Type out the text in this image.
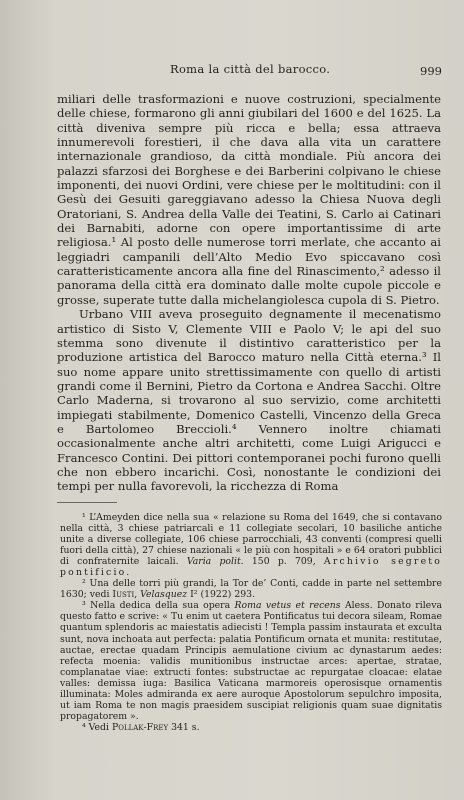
Roma la città del barocco.	999

miliari delle trasformazioni e nuove costruzioni, specialmente delle chiese, formarono gli anni giubilari del 1600 e del 1625. La città diveniva sempre più ricca e bella; essa attraeva innumerevoli forestieri, il che dava alla vita un carattere internazionale grandioso, da città mondiale. Più ancora dei palazzi sfarzosi dei Borghese e dei Barberini colpivano le chiese imponenti, dei nuovi Ordini, vere chiese per le moltitudini: con il Gesù dei Gesuiti gareggiavano adesso la Chiesa Nuova degli Oratoriani, S. Andrea della Valle dei Teatini, S. Carlo ai Catinari dei Barnabiti, adorne con opere importantissime di arte religiosa.¹ Al posto delle numerose torri merlate, che accanto ai leggiadri campanili dell’Alto Medio Evo spiccavano così caratteristicamente ancora alla fine del Rinascimento,² adesso il panorama della città era dominato dalle molte cupole piccole e grosse, superate tutte dalla michelangiolesca cupola di S. Pietro.

Urbano VIII aveva proseguito degnamente il mecenatismo artistico di Sisto V, Clemente VIII e Paolo V; le api del suo stemma sono divenute il distintivo caratteristico per la produzione artistica del Barocco maturo nella Città eterna.³ Il suo nome appare unito strettissimamente con quello di artisti grandi come il Bernini, Pietro da Cortona e Andrea Sacchi. Oltre Carlo Maderna, si trovarono al suo servizio, come architetti impiegati stabilmente, Domenico Castelli, Vincenzo della Greca e Bartolomeo Breccioli.⁴ Vennero inoltre chiamati occasionalmente anche altri architetti, come Luigi Arigucci e Francesco Contini. Dei pittori contemporanei pochi furono quelli che non ebbero incarichi. Così, nonostante le condizioni dei tempi per nulla favorevoli, la ricchezza di Roma

¹ L’Ameyden dice nella sua « relazione su Roma del 1649, che si contavano nella città, 3 chiese patriarcali e 11 collegiate secolari, 10 basiliche antiche unite a diverse collegiate, 106 chiese parrocchiali, 43 conventi (compresi quelli fuori della città), 27 chiese nazionali « le più con hospitali » e 64 oratori pubblici di confraternite laicali. Varia polit. 150 p. 709, Archivio segreto pontificio.

² Una delle torri più grandi, la Tor de’ Conti, cadde in parte nel settembre 1630; vedi Iusti, Velasquez I² (1922) 293.

³ Nella dedica della sua opera Roma vetus et recens Aless. Donato rileva questo fatto e scrive: « Tu enim ut caetera Pontificatus tui decora sileam, Romae quantum splendoris ac maiestatis adiecisti ! Templa passim instaurata et exculta sunt, nova inchoata aut perfecta: palatia Pontificum ornata et munita: restitutae, auctae, erectae quadam Principis aemulatione civium ac dynastarum aedes: refecta moenia: validis munitionibus instructae arces: apertae, stratae, complanatae viae: extructi fontes: substructae ac repurgatae cloacae: elatae valles: demissa iuga: Basilica Vaticana marmoreis operosisque ornamentis illuminata: Moles admiranda ex aere auroque Apostolorum sepulchro imposita, ut iam Roma te non magis praesidem suscipiat religionis quam suae dignitatis propagatorem ».

⁴ Vedi Pollak-Frey 341 s.
